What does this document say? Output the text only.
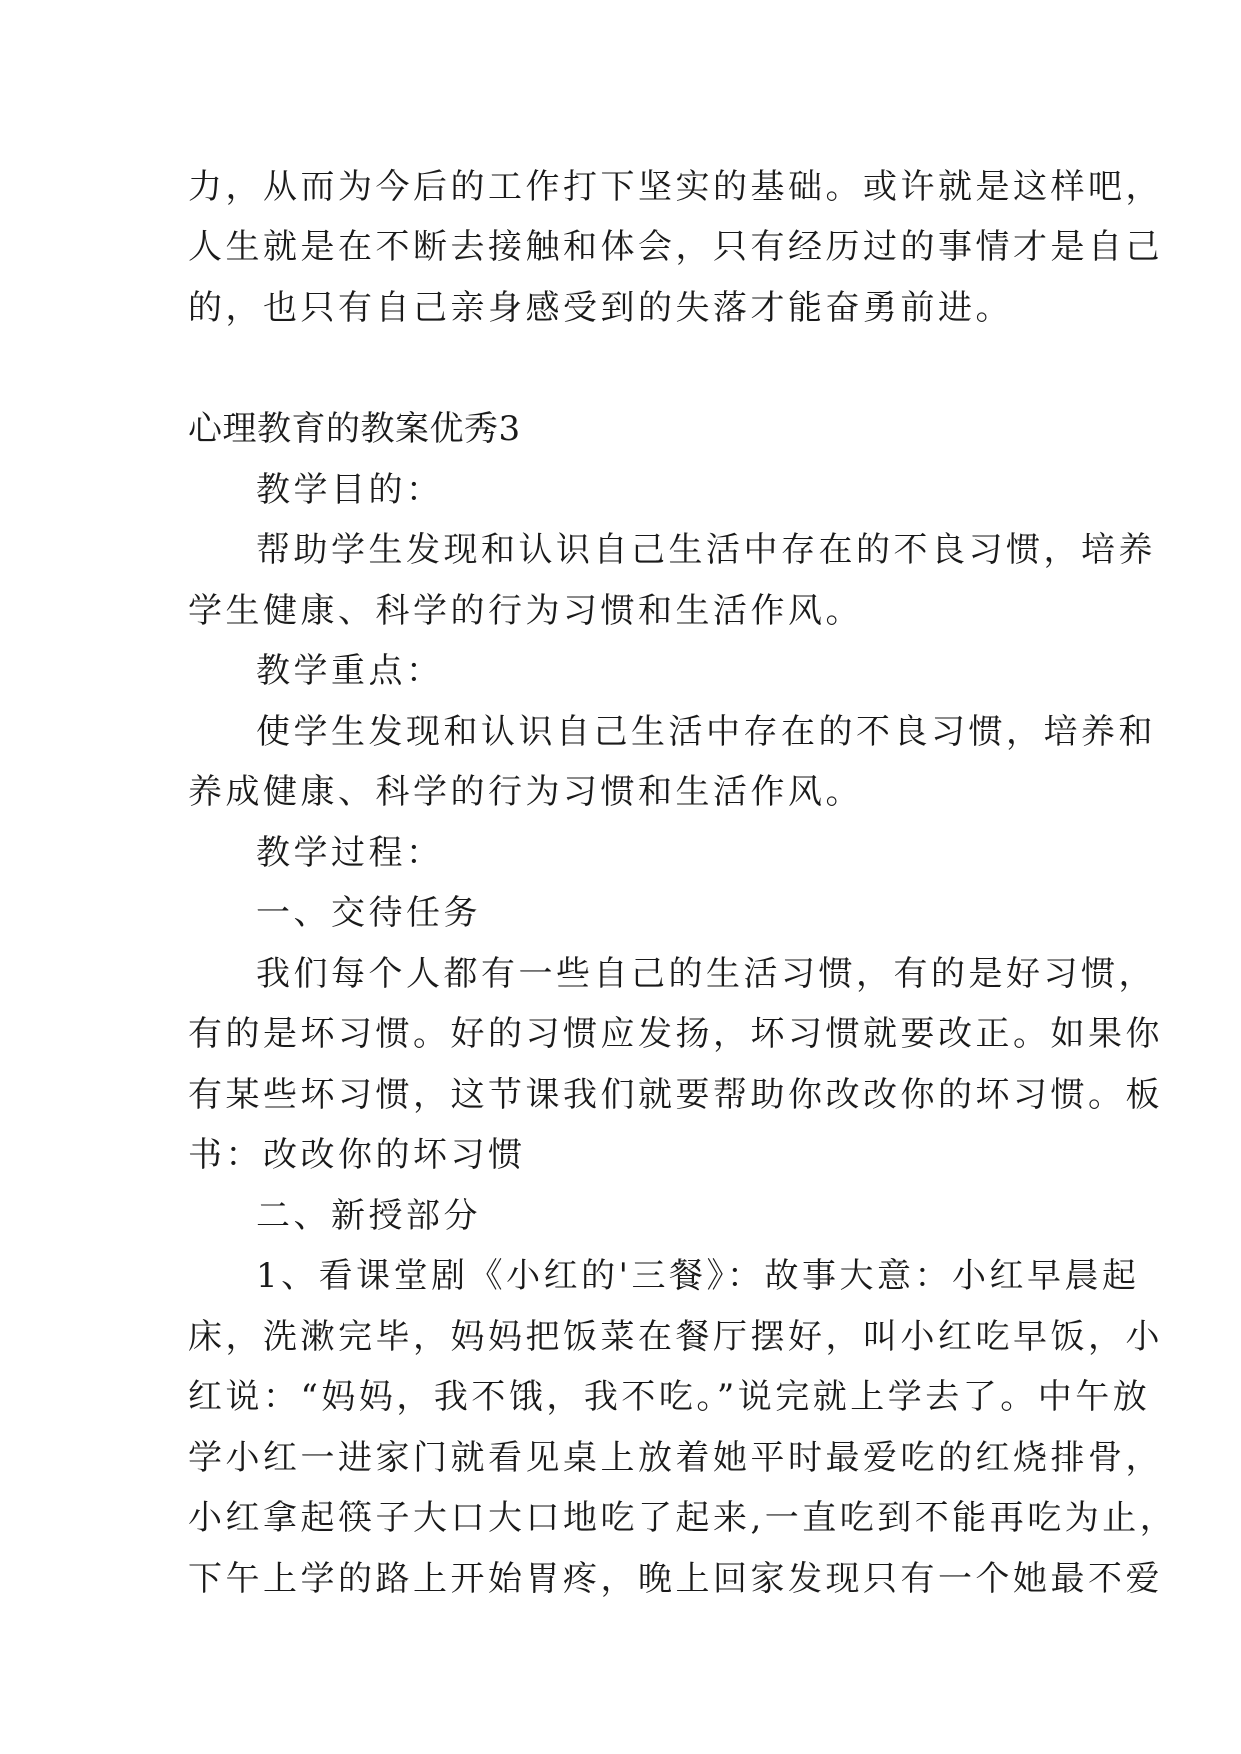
力，从而为今后的工作打下坚实的基础。或许就是这样吧，
人生就是在不断去接触和体会，只有经历过的事情才是自己
的，也只有自己亲身感受到的失落才能奋勇前进。
心理教育的教案优秀3
教学目的：
帮助学生发现和认识自己生活中存在的不良习惯，培养
学生健康、科学的行为习惯和生活作风。
教学重点：
使学生发现和认识自己生活中存在的不良习惯，培养和
养成健康、科学的行为习惯和生活作风。
教学过程：
一、交待任务
我们每个人都有一些自己的生活习惯，有的是好习惯，
有的是坏习惯。好的习惯应发扬，坏习惯就要改正。如果你
有某些坏习惯，这节课我们就要帮助你改改你的坏习惯。板
书：改改你的坏习惯
二、新授部分
1、看课堂剧《小红的'三餐》：故事大意：小红早晨起
床，洗漱完毕，妈妈把饭菜在餐厅摆好，叫小红吃早饭，小
红说：“妈妈，我不饿，我不吃。”说完就上学去了。中午放
学小红一进家门就看见桌上放着她平时最爱吃的红烧排骨，
小红拿起筷子大口大口地吃了起来,一直吃到不能再吃为止，
下午上学的路上开始胃疼，晚上回家发现只有一个她最不爱
